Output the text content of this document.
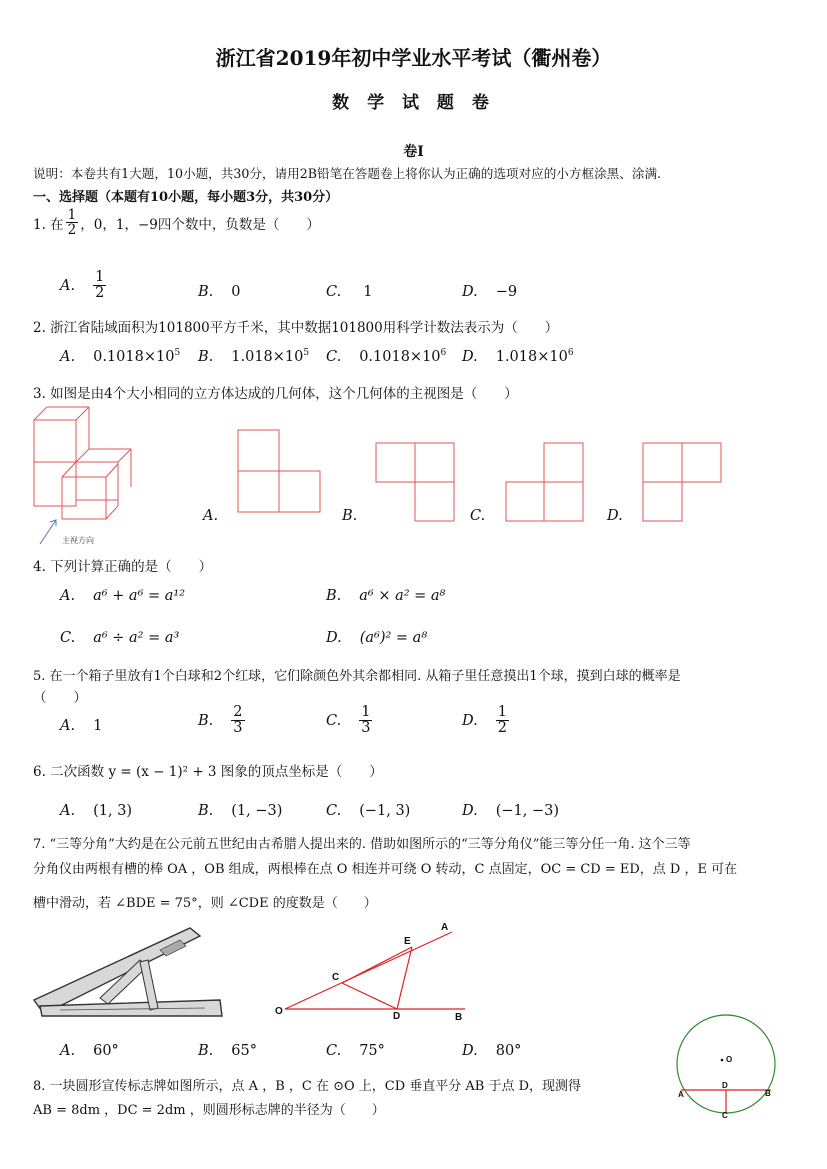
浙江省2019年初中学业水平考试（衢州卷）
数 学 试 题 卷
卷Ⅰ
说明：本卷共有1大题，10小题，共30分，请用2B铅笔在答题卷上将你认为正确的选项对应的小方框涂黑、涂满.
一、选择题（本题有10小题，每小题3分，共30分）
1. 在 $\frac{1}{2}$ ，0，1，−9四个数中，负数是（　　）
A. $\frac{1}{2}$	B. 0	C. 1	D. −9
2. 浙江省陆域面积为101800平方千米，其中数据101800用科学计数法表示为（　　）
A. $0.1018\times 10^5$ B. $1.018\times 10^5$ C. $0.1018\times 10^6$ D. $1.018\times 10^6$
3. 如图是由4个大小相同的立方体达成的几何体，这个几何体的主视图是（　　）
主视方向
A.	B.	C.	D.
4. 下列计算正确的是（　　）
A. a⁶ + a⁶ = a¹²	B. a⁶ × a² = a⁸
C. a⁶ ÷ a² = a³	D. (a⁶)² = a⁸
5. 在一个箱子里放有1个白球和2个红球，它们除颜色外其余都相同. 从箱子里任意摸出1个球，摸到白球的概率是
（　　）
A. 1	B. $\frac{2}{3}$	C. $\frac{1}{3}$	D. $\frac{1}{2}$
6. 二次函数 y = (x − 1)² + 3 图象的顶点坐标是（　　）
A. (1, 3)	B. (1, −3)	C. (−1, 3)	D. (−1, −3)
7. “三等分角”大约是在公元前五世纪由古希腊人提出来的. 借助如图所示的“三等分角仪”能三等分任一角. 这个三等
分角仪由两根有槽的棒 OA ，OB 组成，两根棒在点 O 相连并可绕 O 转动，C 点固定，OC = CD = ED，点 D ，E 可在
槽中滑动，若 ∠BDE = 75°，则 ∠CDE 的度数是（　　）
A
E
C
O	D	B
A. 60°	B. 65°	C. 75°	D. 80°
8. 一块圆形宣传标志牌如图所示，点 A ，B ，C 在 ⊙O 上，CD 垂直平分 AB 于点 D，现测得
AB = 8dm ，DC = 2dm ，则圆形标志牌的半径为（　　）
O
A
D
B
C
